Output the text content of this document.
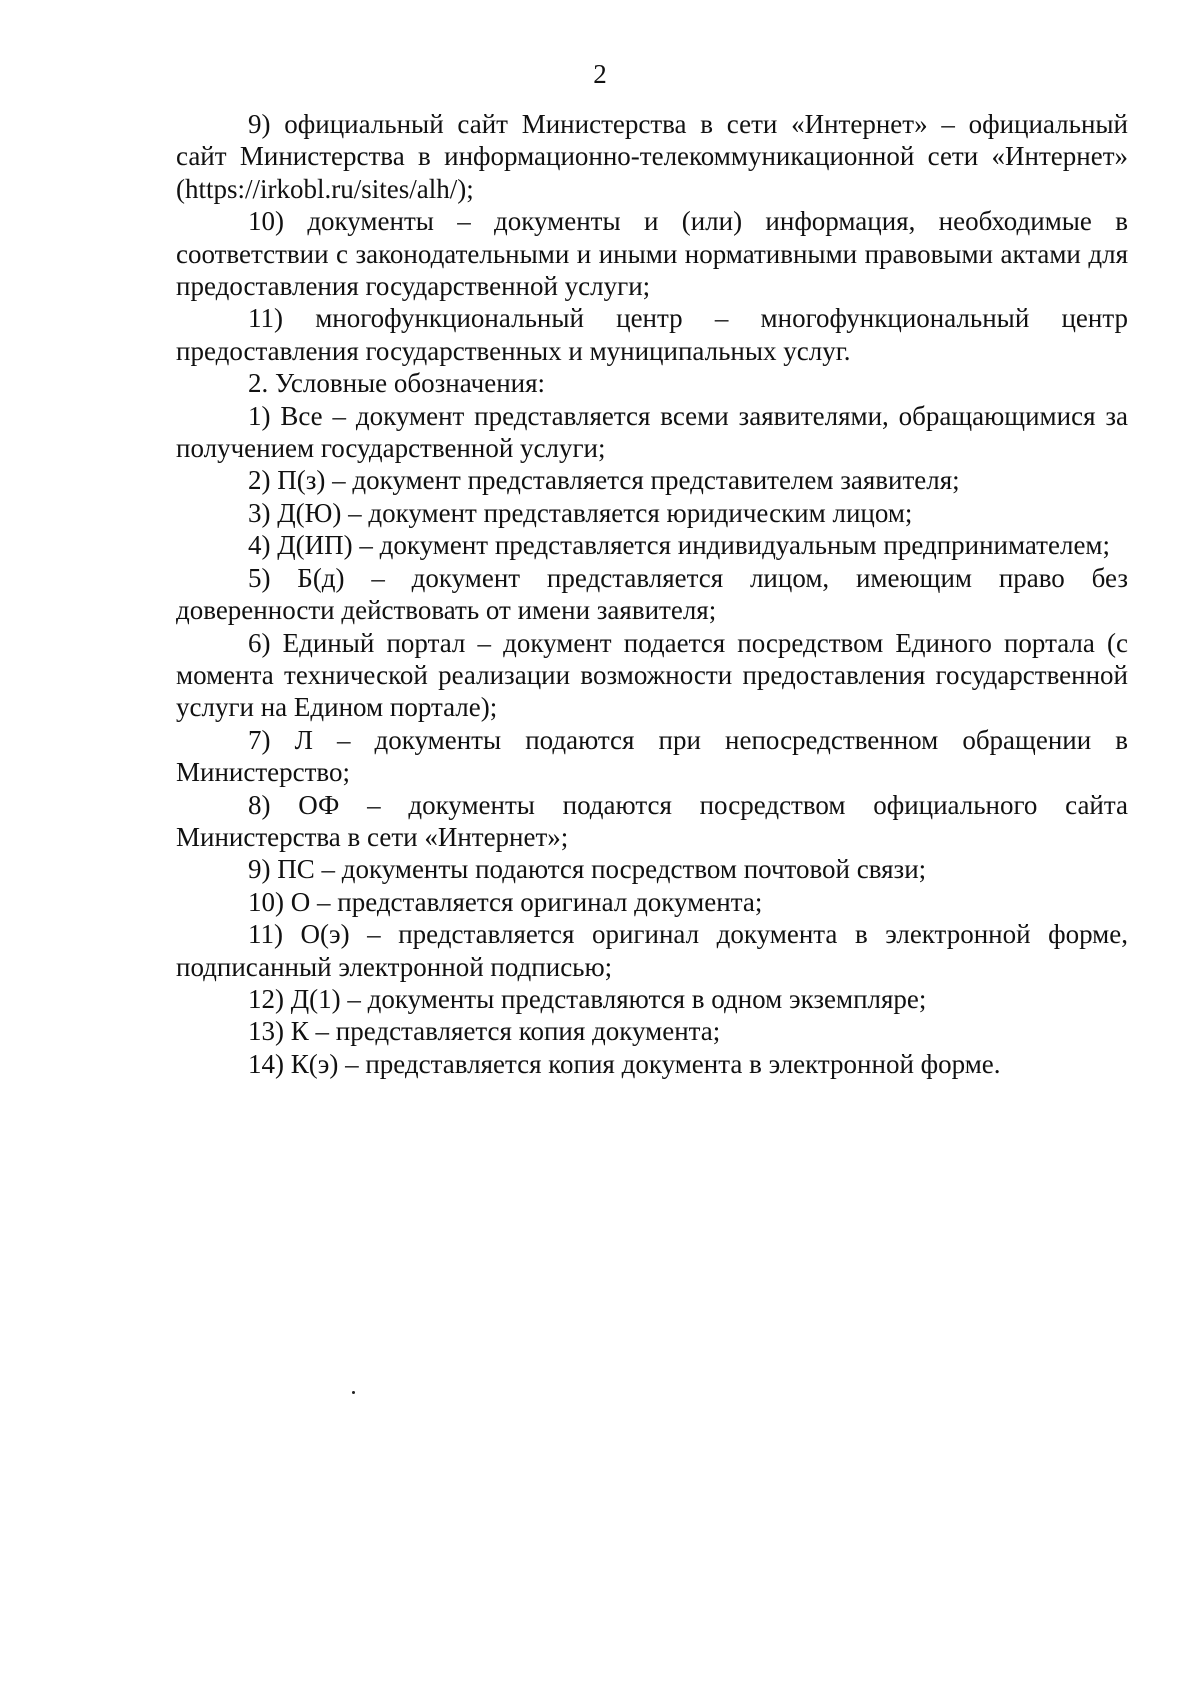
2

9) официальный сайт Министерства в сети «Интернет» – официальный сайт Министерства в информационно-телекоммуникационной сети «Интернет» (https://irkobl.ru/sites/alh/);

10) документы – документы и (или) информация, необходимые в соответствии с законодательными и иными нормативными правовыми актами для предоставления государственной услуги;

11) многофункциональный центр – многофункциональный центр предоставления государственных и муниципальных услуг.

2. Условные обозначения:

1) Все – документ представляется всеми заявителями, обращающимися за получением государственной услуги;

2) П(з) – документ представляется представителем заявителя;

3) Д(Ю) – документ представляется юридическим лицом;

4) Д(ИП) – документ представляется индивидуальным предпринимателем;

5) Б(д) – документ представляется лицом, имеющим право без доверенности действовать от имени заявителя;

6) Единый портал – документ подается посредством Единого портала (с момента технической реализации возможности предоставления государственной услуги на Едином портале);

7) Л – документы подаются при непосредственном обращении в Министерство;

8) ОФ – документы подаются посредством официального сайта Министерства в сети «Интернет»;

9) ПС – документы подаются посредством почтовой связи;

10) О – представляется оригинал документа;

11) О(э) – представляется оригинал документа в электронной форме, подписанный электронной подписью;

12) Д(1) – документы представляются в одном экземпляре;

13) К – представляется копия документа;

14) К(э) – представляется копия документа в электронной форме.
